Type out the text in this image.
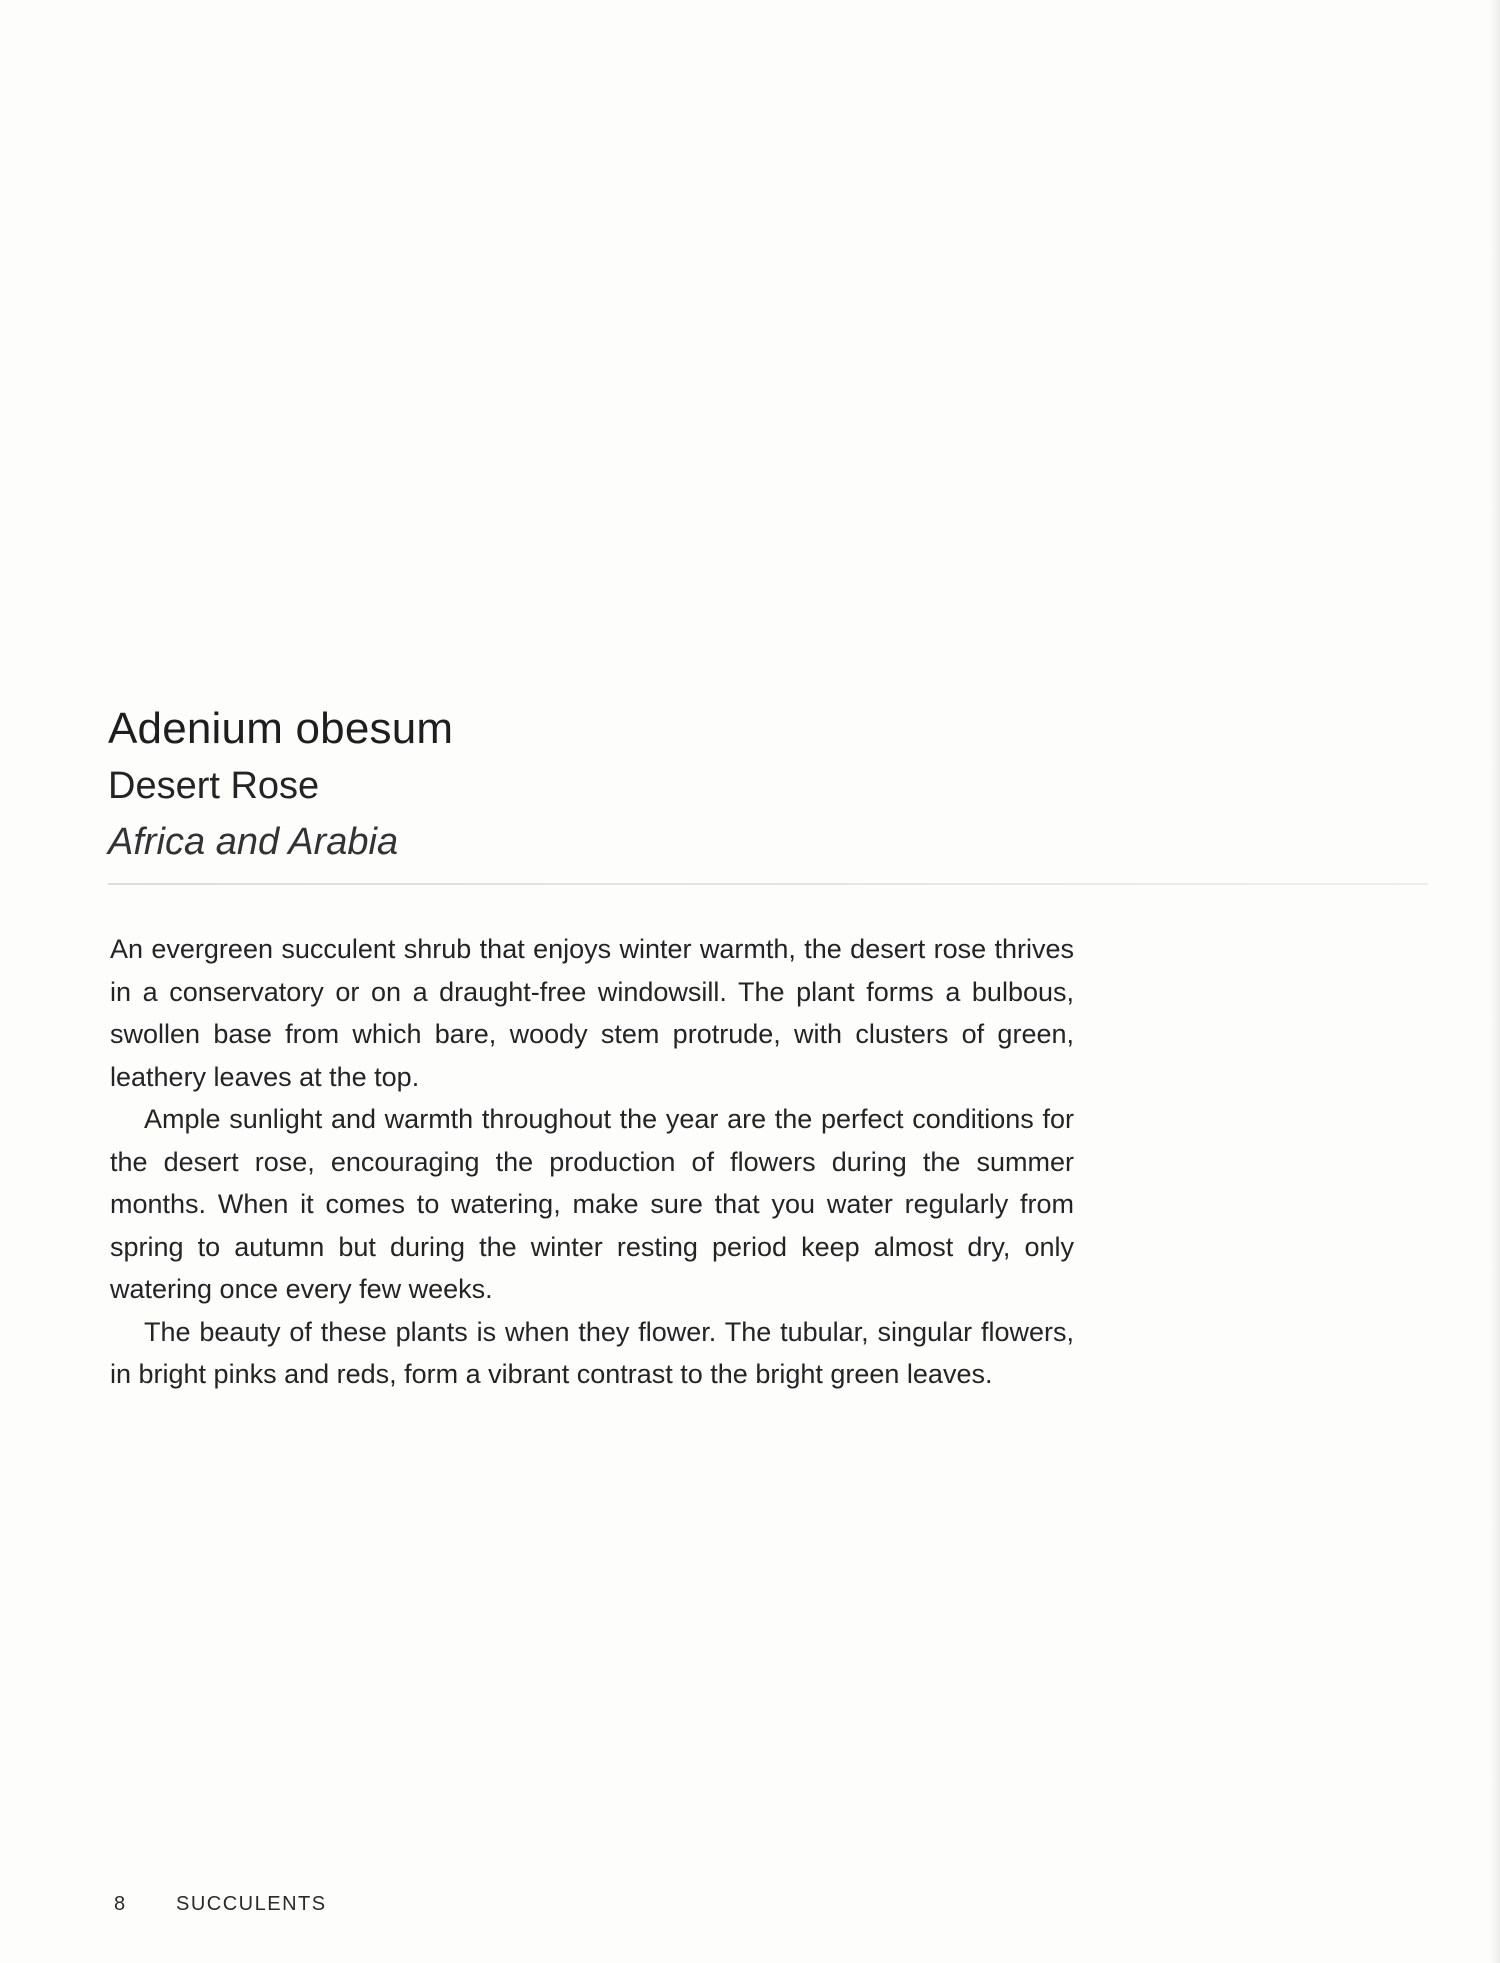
Adenium obesum
Desert Rose
Africa and Arabia

An evergreen succulent shrub that enjoys winter warmth, the desert rose thrives in a conservatory or on a draught-free windowsill. The plant forms a bulbous, swollen base from which bare, woody stem protrude, with clusters of green, leathery leaves at the top.

Ample sunlight and warmth throughout the year are the perfect conditions for the desert rose, encouraging the production of flowers during the summer months. When it comes to watering, make sure that you water regularly from spring to autumn but during the winter resting period keep almost dry, only watering once every few weeks.

The beauty of these plants is when they flower. The tubular, singular flowers, in bright pinks and reds, form a vibrant contrast to the bright green leaves.

8	SUCCULENTS
